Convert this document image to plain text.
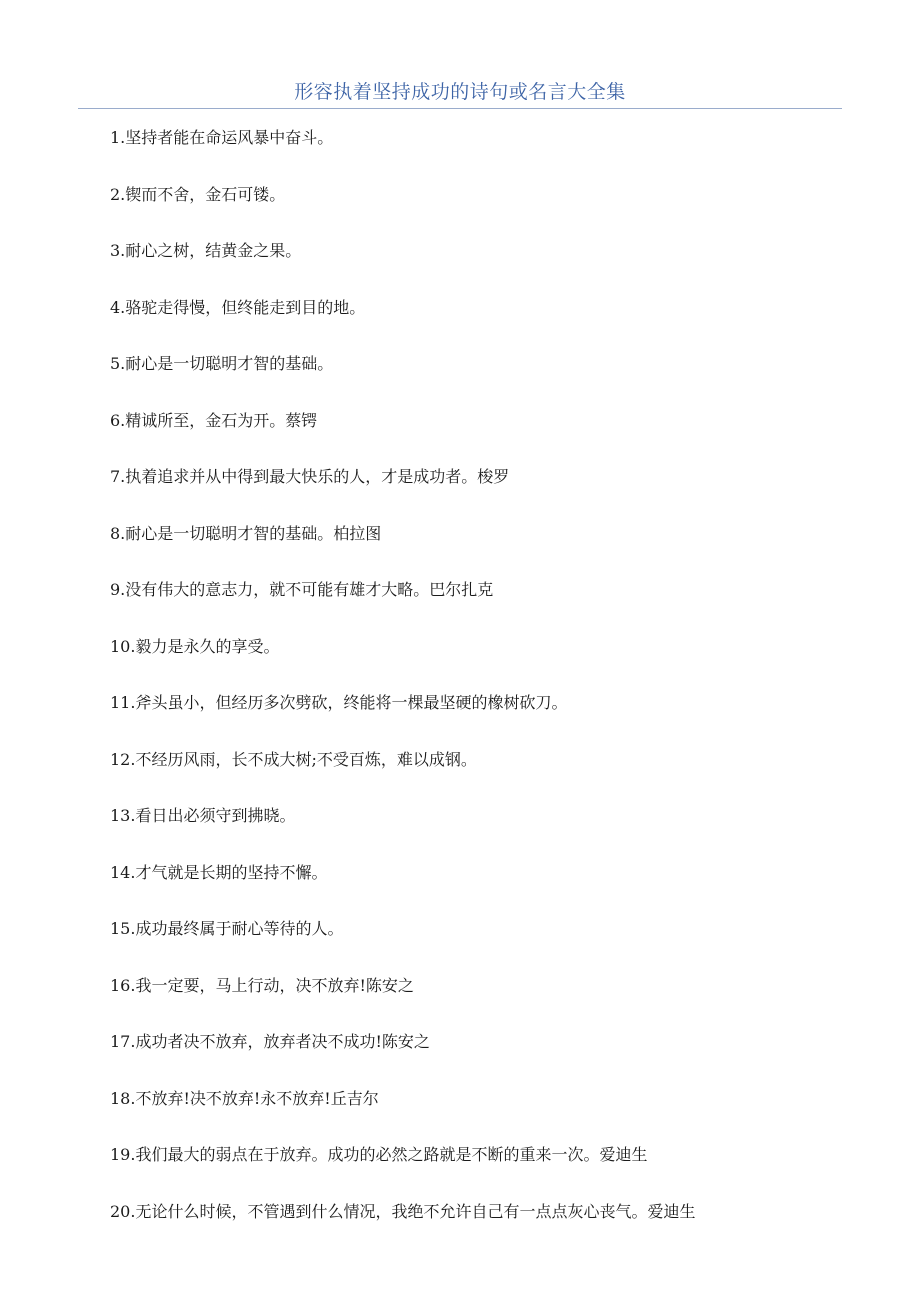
形容执着坚持成功的诗句或名言大全集
1.坚持者能在命运风暴中奋斗。
2.锲而不舍，金石可镂。
3.耐心之树，结黄金之果。
4.骆驼走得慢，但终能走到目的地。
5.耐心是一切聪明才智的基础。
6.精诚所至，金石为开。蔡锷
7.执着追求并从中得到最大快乐的人，才是成功者。梭罗
8.耐心是一切聪明才智的基础。柏拉图
9.没有伟大的意志力，就不可能有雄才大略。巴尔扎克
10.毅力是永久的享受。
11.斧头虽小，但经历多次劈砍，终能将一棵最坚硬的橡树砍刀。
12.不经历风雨，长不成大树;不受百炼，难以成钢。
13.看日出必须守到拂晓。
14.才气就是长期的坚持不懈。
15.成功最终属于耐心等待的人。
16.我一定要，马上行动，决不放弃!陈安之
17.成功者决不放弃，放弃者决不成功!陈安之
18.不放弃!决不放弃!永不放弃!丘吉尔
19.我们最大的弱点在于放弃。成功的必然之路就是不断的重来一次。爱迪生
20.无论什么时候，不管遇到什么情况，我绝不允许自己有一点点灰心丧气。爱迪生
